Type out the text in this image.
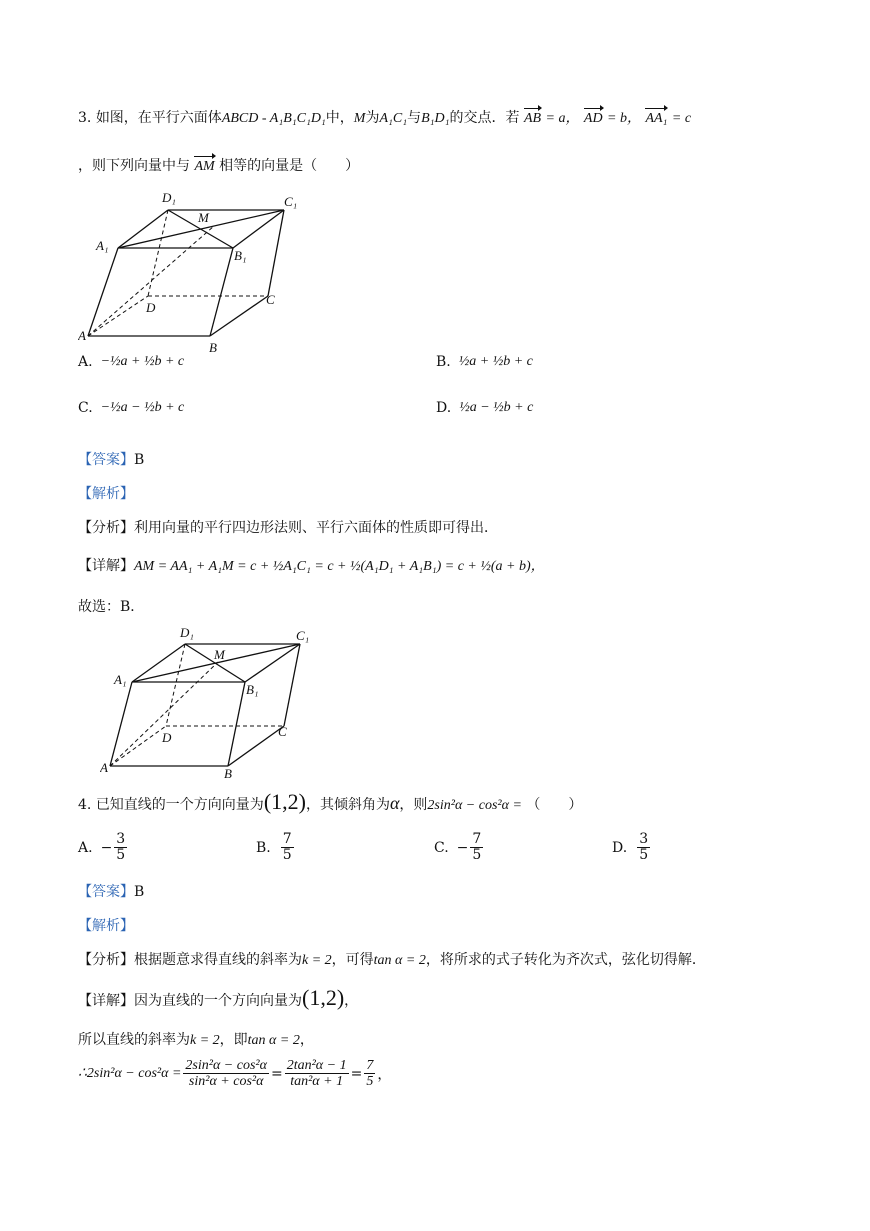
3. 如图，在平行六面体ABCD - A₁B₁C₁D₁中，M为A₁C₁与B₁D₁的交点．若 AB = a， AD = b， AA₁ = c
，则下列向量中与 AM 相等的向量是（　　）
D₁	C₁
M
A₁
B₁
D
C
A
B
A. −½a + ½b + c	B. ½a + ½b + c
C. −½a − ½b + c	D. ½a − ½b + c
【答案】B
【解析】
【分析】利用向量的平行四边形法则、平行六面体的性质即可得出．
【详解】AM = AA₁ + A₁M = c + ½A₁C₁ = c + ½(A₁D₁ + A₁B₁) = c + ½(a + b)，
故选：B．
D₁	C₁
M
A₁
B₁
D	C
A	B
4. 已知直线的一个方向向量为(1,2)，其倾斜角为α，则2sin²α − cos²α = （　　）
A. − $\frac{3}{5}$	B. $\frac{7}{5}$	C. − $\frac{7}{5}$	D. $\frac{3}{5}$
【答案】B
【解析】
【分析】根据题意求得直线的斜率为k = 2，可得tan α = 2，将所求的式子转化为齐次式，弦化切得解．
【详解】因为直线的一个方向向量为(1,2)，
所以直线的斜率为k = 2，即tan α = 2，
∴2sin²α − $\cos^2\alpha = \frac{\text{2sin²α − cos²α}}{\text{sin²α + cos²α}} = \frac{\text{2tan²α − 1}}{\text{tan²α + 1}} = \frac{7}{5}$ ，
